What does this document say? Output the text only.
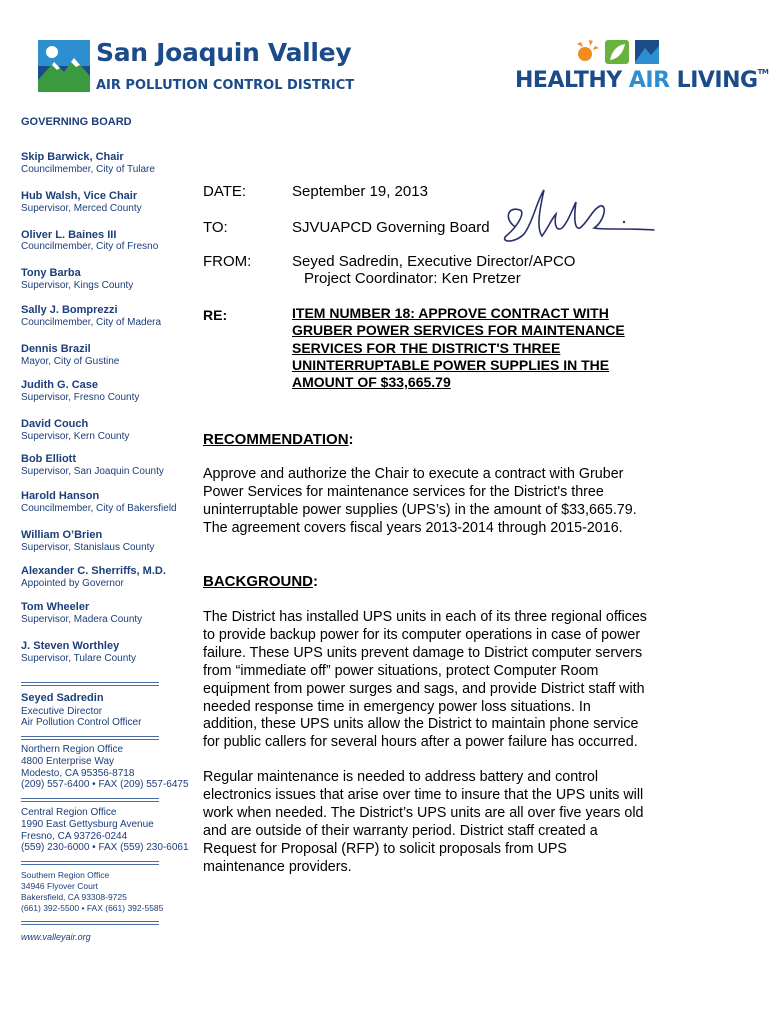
San Joaquin Valley
AIR POLLUTION CONTROL DISTRICT	HEALTHY AIR LIVING™
GOVERNING BOARD
Skip Barwick, Chair
Councilmember, City of Tulare
Hub Walsh, Vice Chair
Supervisor, Merced County
Oliver L. Baines III
Councilmember, City of Fresno
Tony Barba
Supervisor, Kings County
Sally J. Bomprezzi
Councilmember, City of Madera
Dennis Brazil
Mayor, City of Gustine
Judith G. Case
Supervisor, Fresno County
David Couch
Supervisor, Kern County
Bob Elliott
Supervisor, San Joaquin County
Harold Hanson
Councilmember, City of Bakersfield
William O’Brien
Supervisor, Stanislaus County
Alexander C. Sherriffs, M.D.
Appointed by Governor
Tom Wheeler
Supervisor, Madera County
J. Steven Worthley
Supervisor, Tulare County
Seyed Sadredin
Executive Director
Air Pollution Control Officer
Northern Region Office
4800 Enterprise Way
Modesto, CA 95356-8718
(209) 557-6400 • FAX (209) 557-6475
Central Region Office
1990 East Gettysburg Avenue
Fresno, CA 93726-0244
(559) 230-6000 • FAX (559) 230-6061
Southern Region Office
34946 Flyover Court
Bakersfield, CA 93308-9725
(661) 392-5500 • FAX (661) 392-5585
www.valleyair.org
DATE:	September 19, 2013
TO:	SJVUAPCD Governing Board
FROM:	Seyed Sadredin, Executive Director/APCO
Project Coordinator: Ken Pretzer
RE:	ITEM NUMBER 18: APPROVE CONTRACT WITH GRUBER POWER SERVICES FOR MAINTENANCE SERVICES FOR THE DISTRICT'S THREE UNINTERRUPTABLE POWER SUPPLIES IN THE AMOUNT OF $33,665.79
RECOMMENDATION:
Approve and authorize the Chair to execute a contract with Gruber
Power Services for maintenance services for the District's three
uninterruptable power supplies (UPS’s) in the amount of $33,665.79.
The agreement covers fiscal years 2013-2014 through 2015-2016.
BACKGROUND:
The District has installed UPS units in each of its three regional offices
to provide backup power for its computer operations in case of power
failure. These UPS units prevent damage to District computer servers
from “immediate off” power situations, protect Computer Room
equipment from power surges and sags, and provide District staff with
needed response time in emergency power loss situations. In
addition, these UPS units allow the District to maintain phone service
for public callers for several hours after a power failure has occurred.
Regular maintenance is needed to address battery and control
electronics issues that arise over time to insure that the UPS units will
work when needed. The District’s UPS units are all over five years old
and are outside of their warranty period. District staff created a
Request for Proposal (RFP) to solicit proposals from UPS
maintenance providers.
